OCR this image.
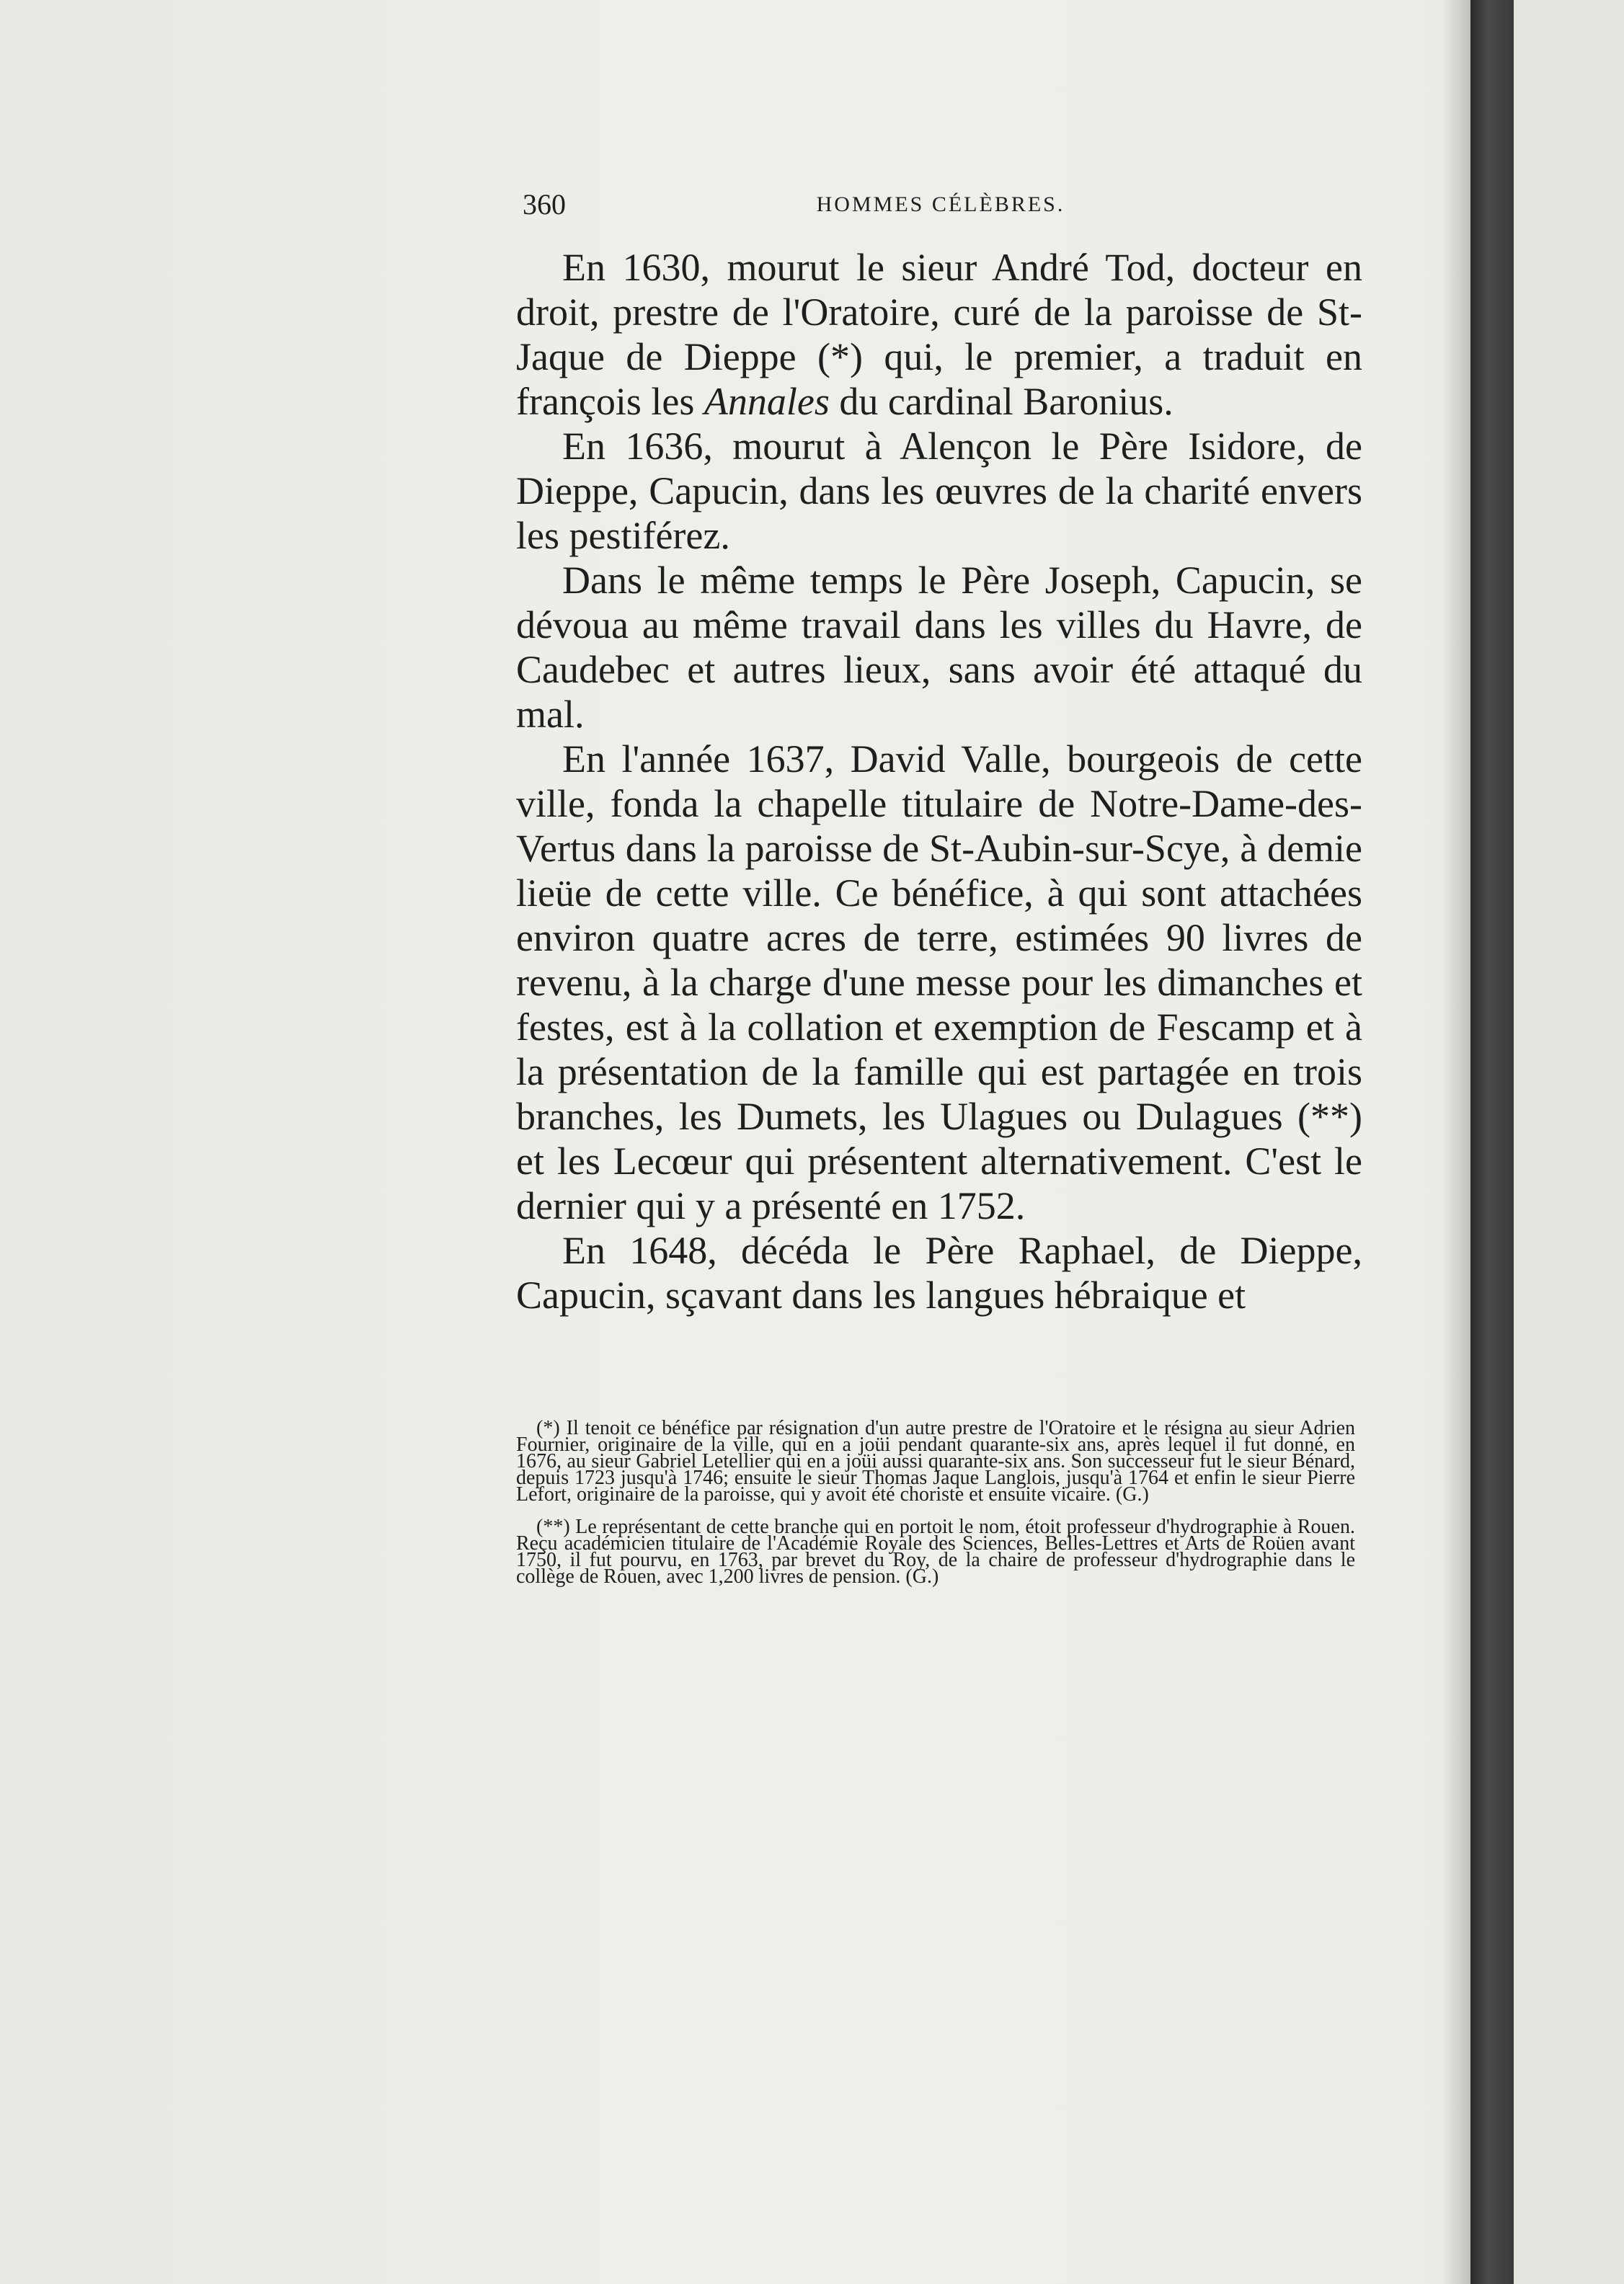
360	HOMMES CÉLÈBRES.

En 1630, mourut le sieur André Tod, docteur en droit, prestre de l'Oratoire, curé de la paroisse de St-Jaque de Dieppe (*) qui, le premier, a traduit en françois les Annales du cardinal Baronius.

En 1636, mourut à Alençon le Père Isidore, de Dieppe, Capucin, dans les œuvres de la charité envers les pestiférez.

Dans le même temps le Père Joseph, Capucin, se dévoua au même travail dans les villes du Havre, de Caudebec et autres lieux, sans avoir été attaqué du mal.

En l'année 1637, David Valle, bourgeois de cette ville, fonda la chapelle titulaire de Notre-Dame-des-Vertus dans la paroisse de St-Aubin-sur-Scye, à demie lieüe de cette ville. Ce bénéfice, à qui sont attachées environ quatre acres de terre, estimées 90 livres de revenu, à la charge d'une messe pour les dimanches et festes, est à la collation et exemption de Fescamp et à la présentation de la famille qui est partagée en trois branches, les Dumets, les Ulagues ou Dulagues (**) et les Lecœur qui présentent alternativement. C'est le dernier qui y a présenté en 1752.

En 1648, décéda le Père Raphael, de Dieppe, Capucin, sçavant dans les langues hébraique et

(*) Il tenoit ce bénéfice par résignation d'un autre prestre de l'Oratoire et le résigna au sieur Adrien Fournier, originaire de la ville, qui en a joüi pendant quarante-six ans, après lequel il fut donné, en 1676, au sieur Gabriel Letellier qui en a joüi aussi quarante-six ans. Son successeur fut le sieur Bénard, depuis 1723 jusqu'à 1746; ensuite le sieur Thomas Jaque Langlois, jusqu'à 1764 et enfin le sieur Pierre Lefort, originaire de la paroisse, qui y avoit été choriste et ensuite vicaire. (G.)

(**) Le représentant de cette branche qui en portoit le nom, étoit professeur d'hydrographie à Rouen. Reçu académicien titulaire de l'Académie Royale des Sciences, Belles-Lettres et Arts de Roüen avant 1750, il fut pourvu, en 1763, par brevet du Roy, de la chaire de professeur d'hydrographie dans le collège de Rouen, avec 1,200 livres de pension. (G.)
